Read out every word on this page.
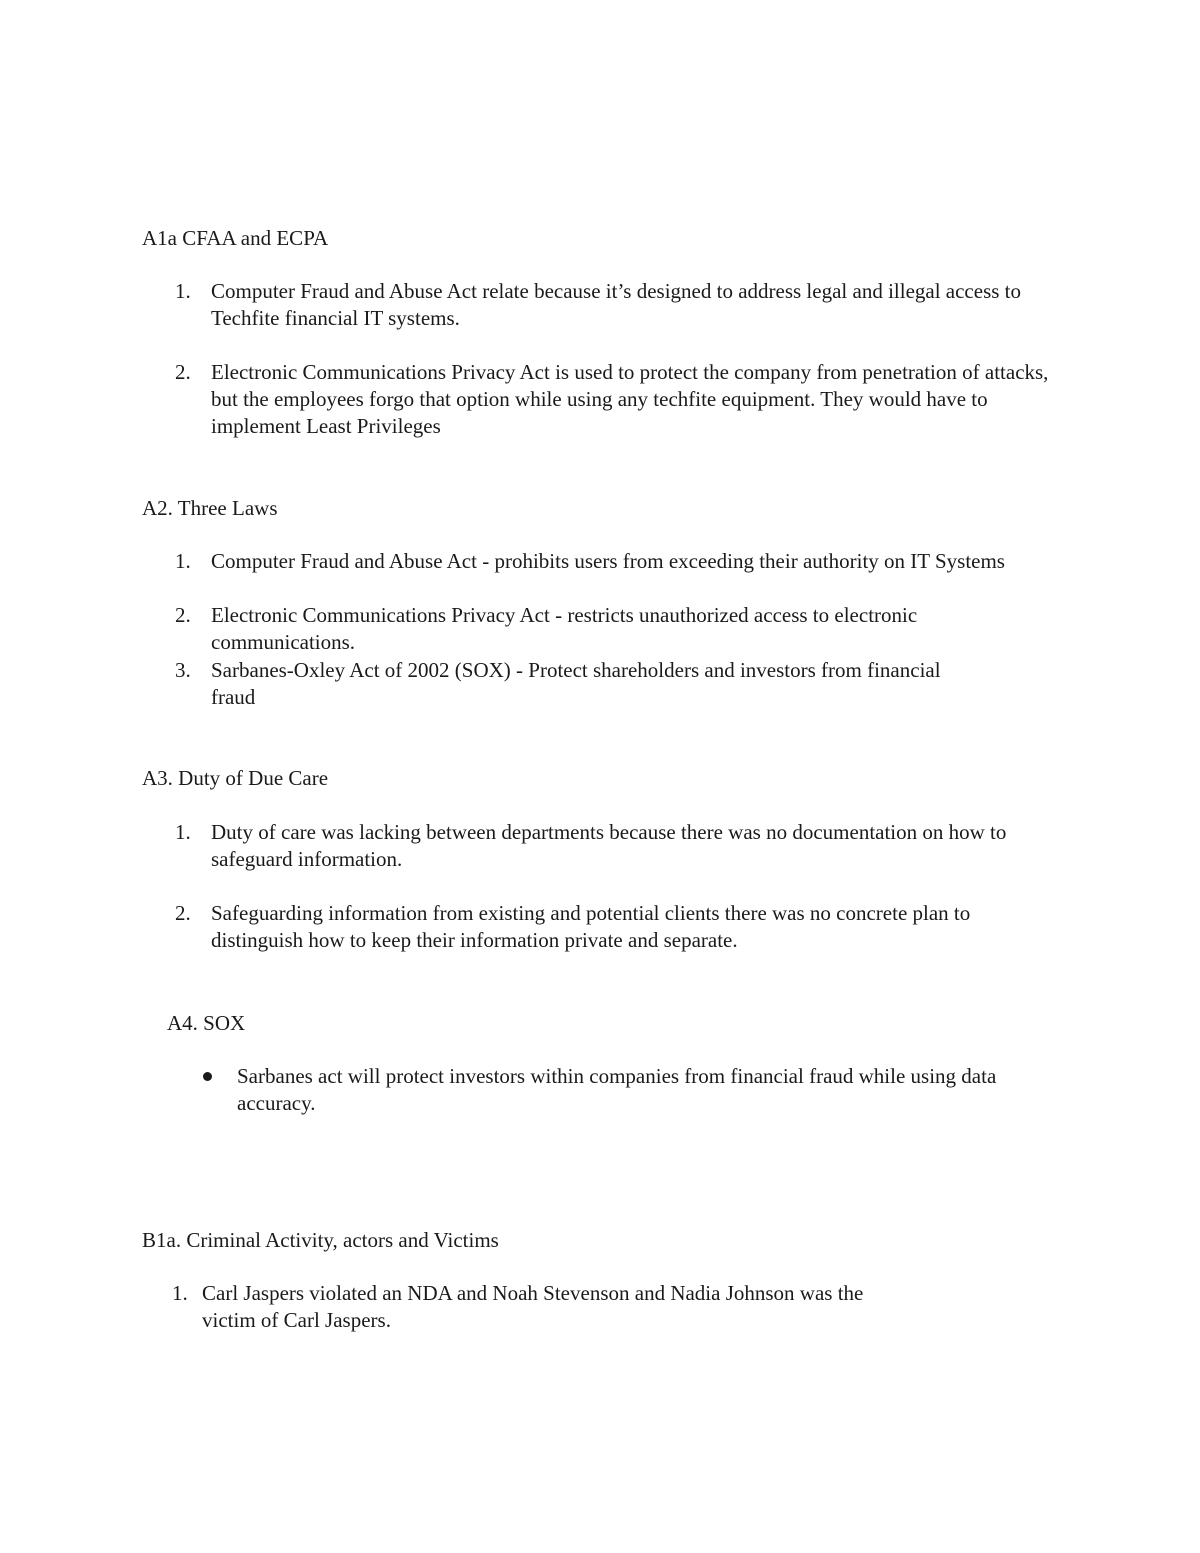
A1a CFAA and ECPA
1. Computer Fraud and Abuse Act relate because it’s designed to address legal and illegal access to Techfite financial IT systems.
2. Electronic Communications Privacy Act is used to protect the company from penetration of attacks, but the employees forgo that option while using any techfite equipment. They would have to implement Least Privileges
A2. Three Laws
1. Computer Fraud and Abuse Act - prohibits users from exceeding their authority on IT Systems
2. Electronic Communications Privacy Act - restricts unauthorized access to electronic communications.
3. Sarbanes-Oxley Act of 2002 (SOX) - Protect shareholders and investors from financial fraud
A3. Duty of Due Care
1. Duty of care was lacking between departments because there was no documentation on how to safeguard information.
2. Safeguarding information from existing and potential clients there was no concrete plan to distinguish how to keep their information private and separate.
A4. SOX
Sarbanes act will protect investors within companies from financial fraud while using data accuracy.
B1a. Criminal Activity, actors and Victims
1. Carl Jaspers violated an NDA and Noah Stevenson and Nadia Johnson was the victim of Carl Jaspers.
